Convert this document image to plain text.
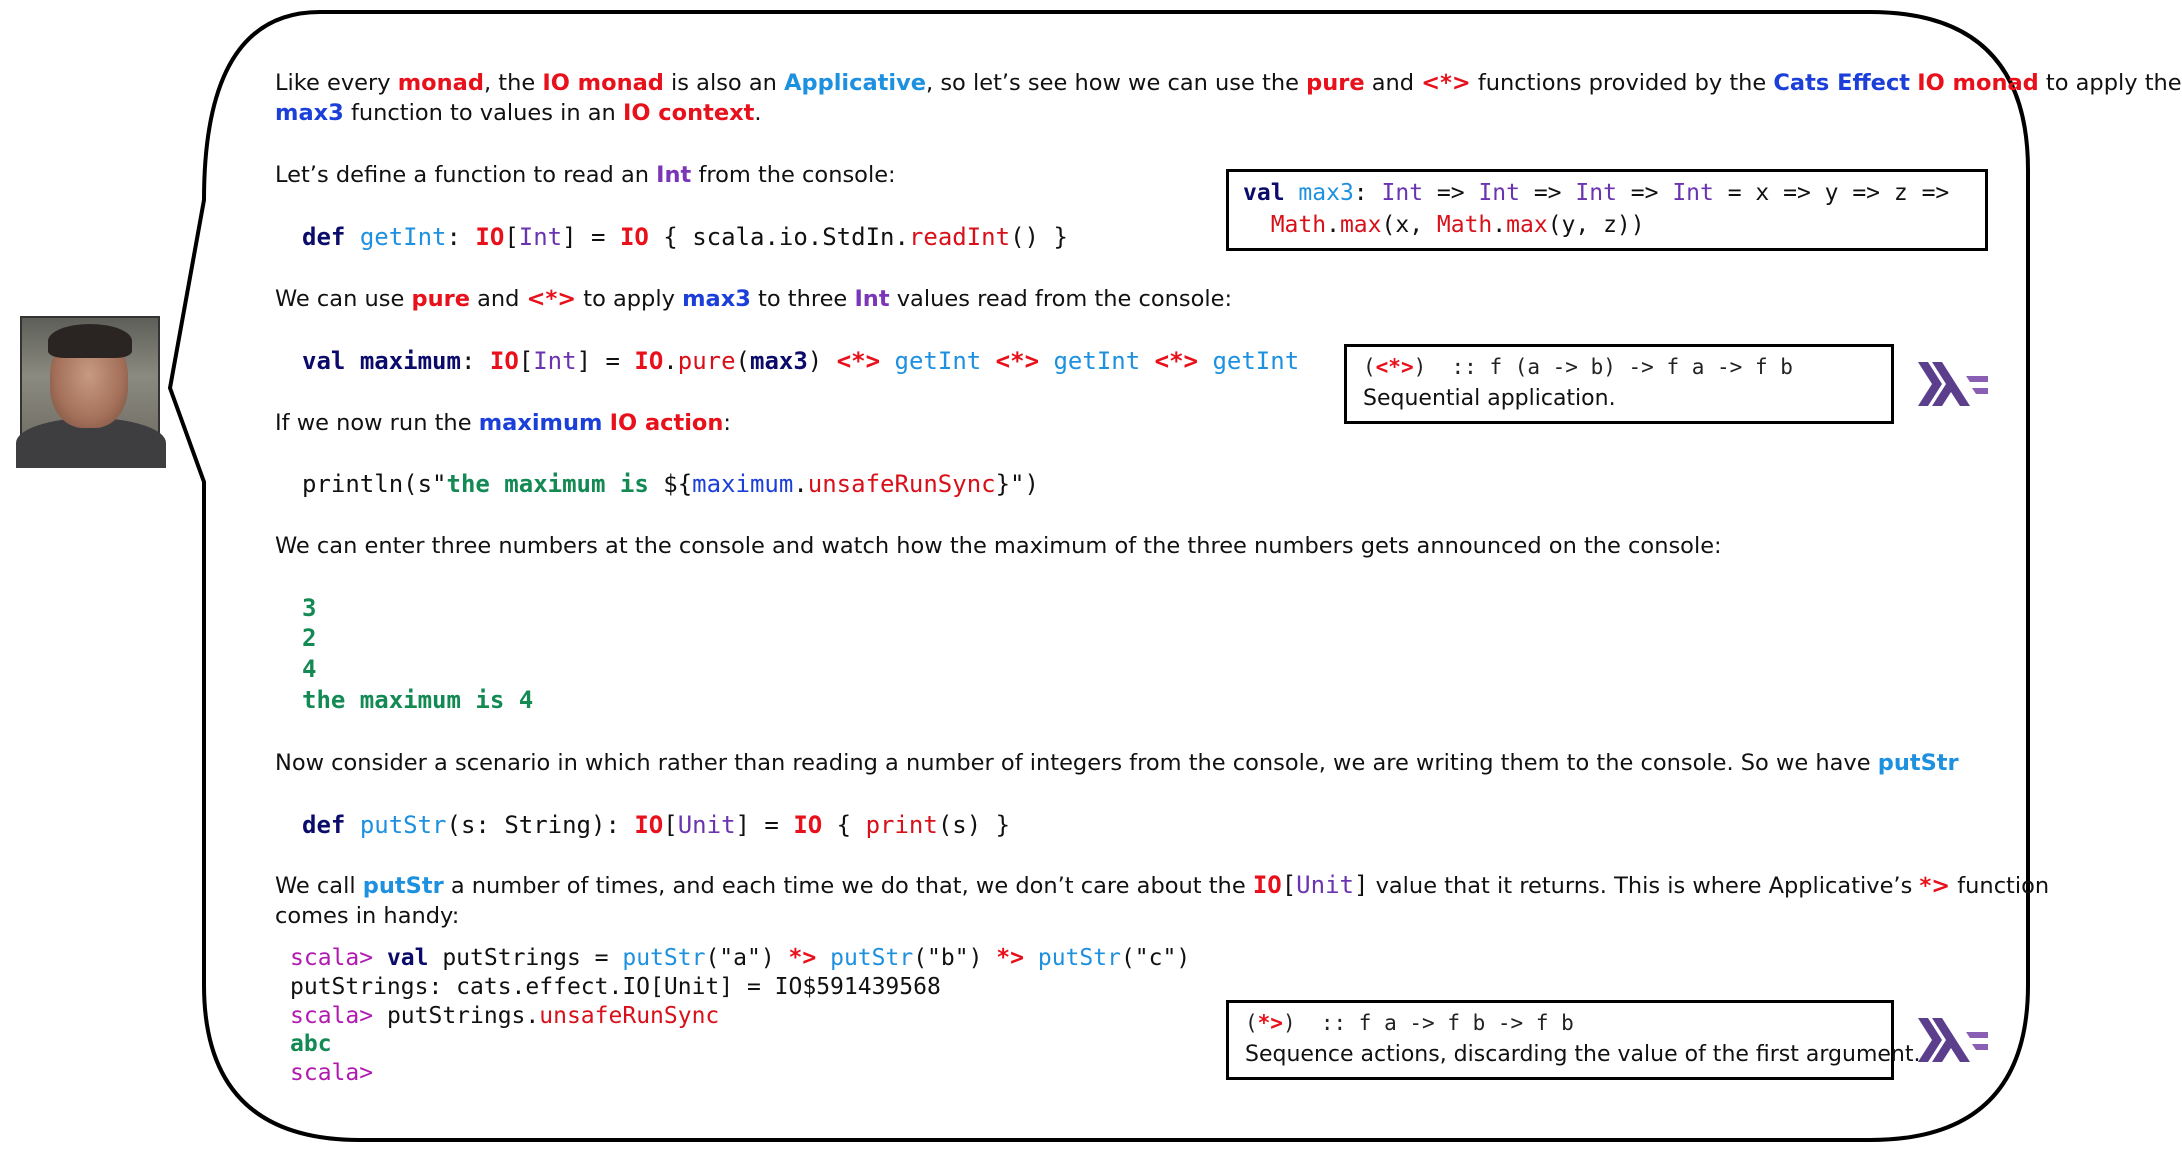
Like every monad, the IO monad is also an Applicative, so let’s see how we can use the pure and <*> functions provided by the Cats Effect IO monad to apply the
max3 function to values in an IO context.
Let’s define a function to read an Int from the console:
val max3: Int => Int => Int => Int = x => y => z =>
Math.max(x, Math.max(y, z))
def getInt: IO[Int] = IO { scala.io.StdIn.readInt() }
We can use pure and <*> to apply max3 to three Int values read from the console:
val maximum: IO[Int] = IO.pure(max3) <*> getInt <*> getInt <*> getInt	(<*>)  :: f (a -> b) -> f a -> f b
Sequential application.
If we now run the maximum IO action:
println(s"the maximum is ${maximum.unsafeRunSync}")
We can enter three numbers at the console and watch how the maximum of the three numbers gets announced on the console:
3
2
4
the maximum is 4
Now consider a scenario in which rather than reading a number of integers from the console, we are writing them to the console. So we have putStr
def putStr(s: String): IO[Unit] = IO { print(s) }
We call putStr a number of times, and each time we do that, we don’t care about the IO[Unit] value that it returns. This is where Applicative’s *> function
comes in handy:
scala> val putStrings = putStr("a") *> putStr("b") *> putStr("c")
putStrings: cats.effect.IO[Unit] = IO$591439568
scala> putStrings.unsafeRunSync
abc
scala>
(*>)  :: f a -> f b -> f b
Sequence actions, discarding the value of the first argument.
